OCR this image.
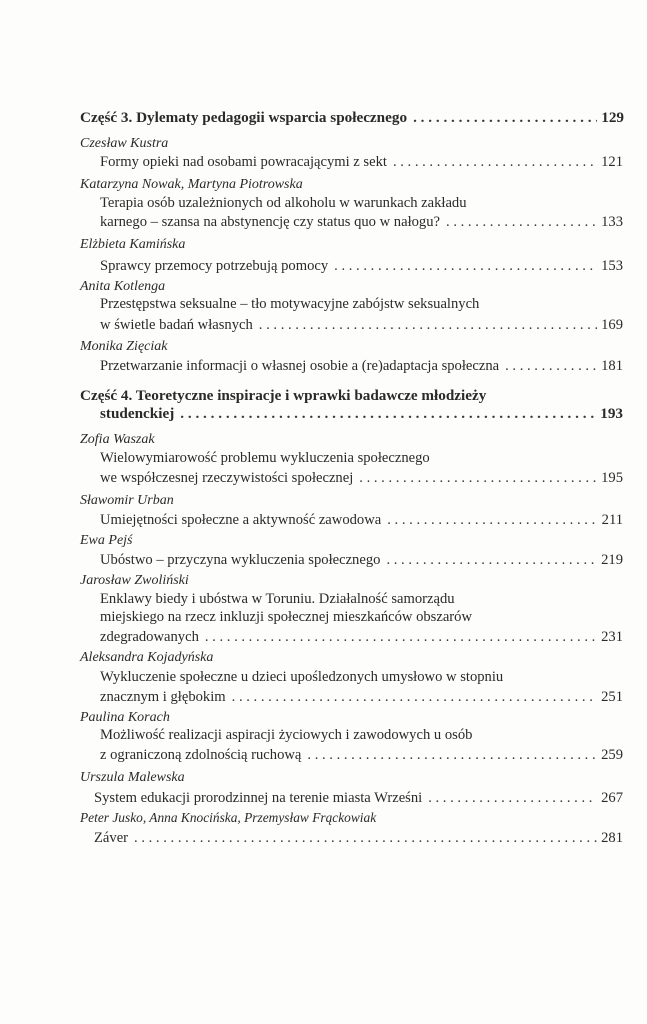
Część 3. Dylematy pedagogii wsparcia społecznego . . .	129
Czesław Kustra
Formy opieki nad osobami powracającymi z sekt . . .	121
Katarzyna Nowak, Martyna Piotrowska
Terapia osób uzależnionych od alkoholu w warunkach zakładu
karnego – szansa na abstynencję czy status quo w nałogu? . . .	133
Elżbieta Kamińska
Sprawcy przemocy potrzebują pomocy . . .	153
Anita Kotlenga
Przestępstwa seksualne – tło motywacyjne zabójstw seksualnych
w świetle badań własnych . . .	169
Monika Zięciak
Przetwarzanie informacji o własnej osobie a (re)adaptacja społeczna . . .	181
Część 4. Teoretyczne inspiracje i wprawki badawcze młodzieży
studenckiej . . .	193
Zofia Waszak
Wielowymiarowość problemu wykluczenia społecznego
we współczesnej rzeczywistości społecznej . . .	195
Sławomir Urban
Umiejętności społeczne a aktywność zawodowa . . .	211
Ewa Pejś
Ubóstwo – przyczyna wykluczenia społecznego . . .	219
Jarosław Zwoliński
Enklawy biedy i ubóstwa w Toruniu. Działalność samorządu
miejskiego na rzecz inkluzji społecznej mieszkańców obszarów
zdegradowanych . . .	231
Aleksandra Kojadyńska
Wykluczenie społeczne u dzieci upośledzonych umysłowo w stopniu
znacznym i głębokim . . .	251
Paulina Korach
Możliwość realizacji aspiracji życiowych i zawodowych u osób
z ograniczoną zdolnością ruchową . . .	259
Urszula Malewska
System edukacji prorodzinnej na terenie miasta Wrześni . . .	267
Peter Jusko, Anna Knocińska, Przemysław Frąckowiak
Záver . . .	281
